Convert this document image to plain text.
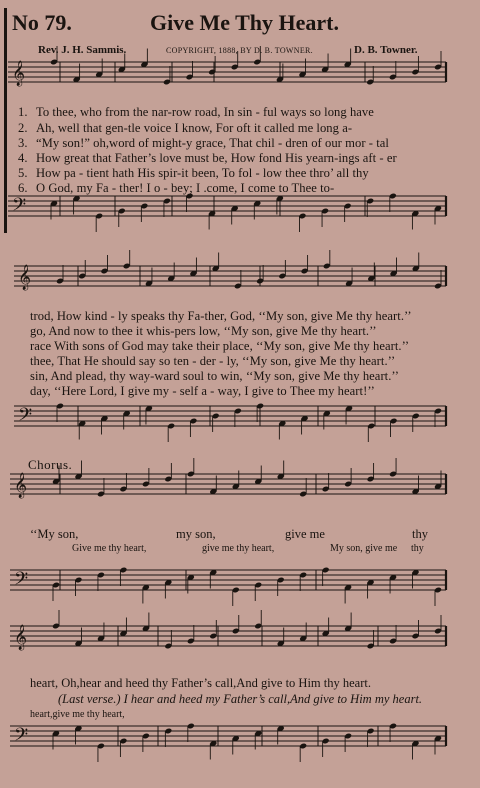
No 79.	Give Me Thy Heart.
Rev. J. H. Sammis.	COPYRIGHT, 1888, BY D. B. TOWNER.	D. B. Towner.
𝄞
𝄢
𝄞
𝄢
𝄞
𝄢
𝄞
𝄢
1. To thee, who from the nar-row road, In sin - ful ways so long have
2. Ah, well that gen-tle voice I know, For oft it called me long a-
3. “My son!” oh,word of might-y grace, That chil - dren of our mor - tal
4. How great that Father’s love must be, How fond His yearn-ings aft - er
5. How pa - tient hath His spir-it been, To fol - low thee thro’ all thy
6. O God, my Fa - ther! I o - bey; I .come, I come to Thee to-
trod, How kind - ly speaks thy Fa-ther, God, ‘‘My son, give Me thy heart.’’
go, And now to thee it whis-pers low, ‘‘My son, give Me thy heart.’’
race With sons of God may take their place, ‘‘My son, give Me thy heart.’’
thee, That He should say so ten - der - ly, ‘‘My son, give Me thy heart.’’
sin, And plead, thy way-ward soul to win, ‘‘My son, give Me thy heart.’’
day, ‘‘Here Lord, I give my - self a - way, I give to Thee my heart!’’
Chorus.
‘‘My son,	my son,	give me	thy
Give me thy heart,	give me thy heart,	My son, give me thy
heart, Oh,hear and heed thy Father’s call,And give to Him thy heart.
(Last verse.) I hear and heed my Father’s call,And give to Him my heart.
heart,give me thy heart,
